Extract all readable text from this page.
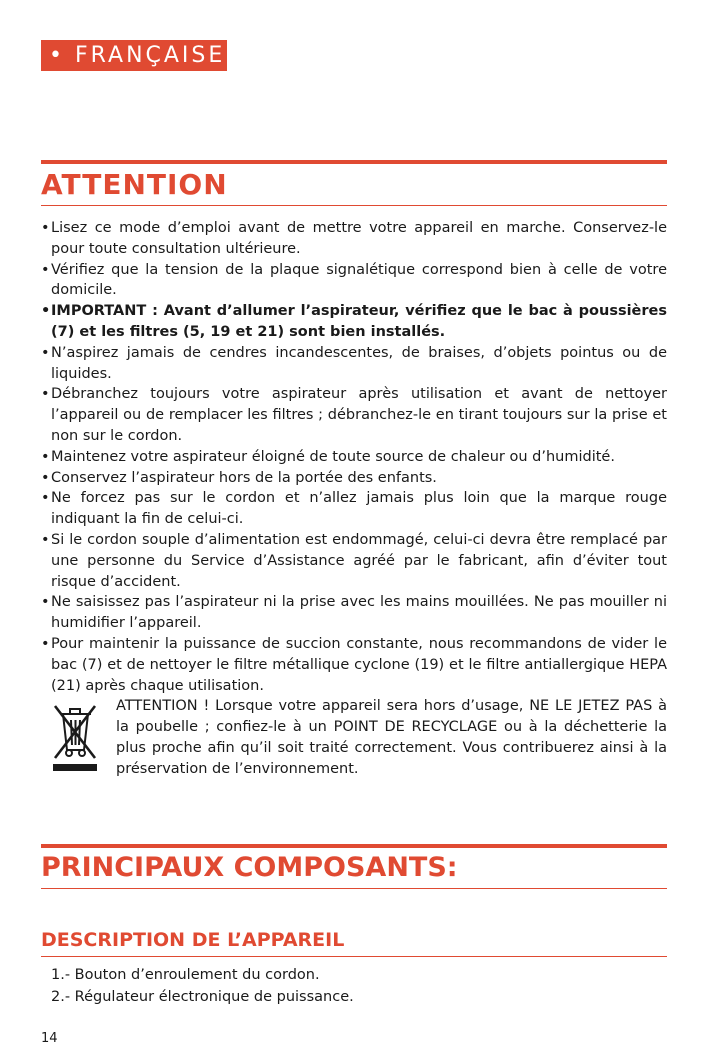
• FRANÇAISE
ATTENTION
• Lisez ce mode d’emploi avant de mettre votre appareil en marche. Conservez-le pour toute consultation ultérieure.
• Vérifiez que la tension de la plaque signalétique correspond bien à celle de votre domicile.
• IMPORTANT : Avant d’allumer l’aspirateur, vérifiez que le bac à poussières (7) et les filtres (5, 19 et 21) sont bien installés.
• N’aspirez jamais de cendres incandescentes, de braises, d’objets pointus ou de liquides.
• Débranchez toujours votre aspirateur après utilisation et avant de nettoyer l’appareil ou de remplacer les filtres ; débranchez-le en tirant toujours sur la prise et non sur le cordon.
• Maintenez votre aspirateur éloigné de toute source de chaleur ou d’humidité.
• Conservez l’aspirateur hors de la portée des enfants.
• Ne forcez pas sur le cordon et n’allez jamais plus loin que la marque rouge indiquant la fin de celui-ci.
• Si le cordon souple d’alimentation est endommagé, celui-ci devra être remplacé par une personne du Service d’Assistance agréé par le fabricant, afin d’éviter tout risque d’accident.
• Ne saisissez pas l’aspirateur ni la prise avec les mains mouillées. Ne pas mouiller ni humidifier l’appareil.
• Pour maintenir la puissance de succion constante, nous recommandons de vider le bac (7) et de nettoyer le filtre métallique cyclone (19) et le filtre antiallergique HEPA (21) après chaque utilisation.
ATTENTION ! Lorsque votre appareil sera hors d’usage, NE LE JETEZ PAS à la poubelle ; confiez-le à un POINT DE RECYCLAGE ou à la déchetterie la plus proche afin qu’il soit traité correctement. Vous contribuerez ainsi à la préservation de l’environnement.
PRINCIPAUX COMPOSANTS:
DESCRIPTION DE L’APPAREIL
1.- Bouton d’enroulement du cordon.
2.- Régulateur électronique de puissance.
14
